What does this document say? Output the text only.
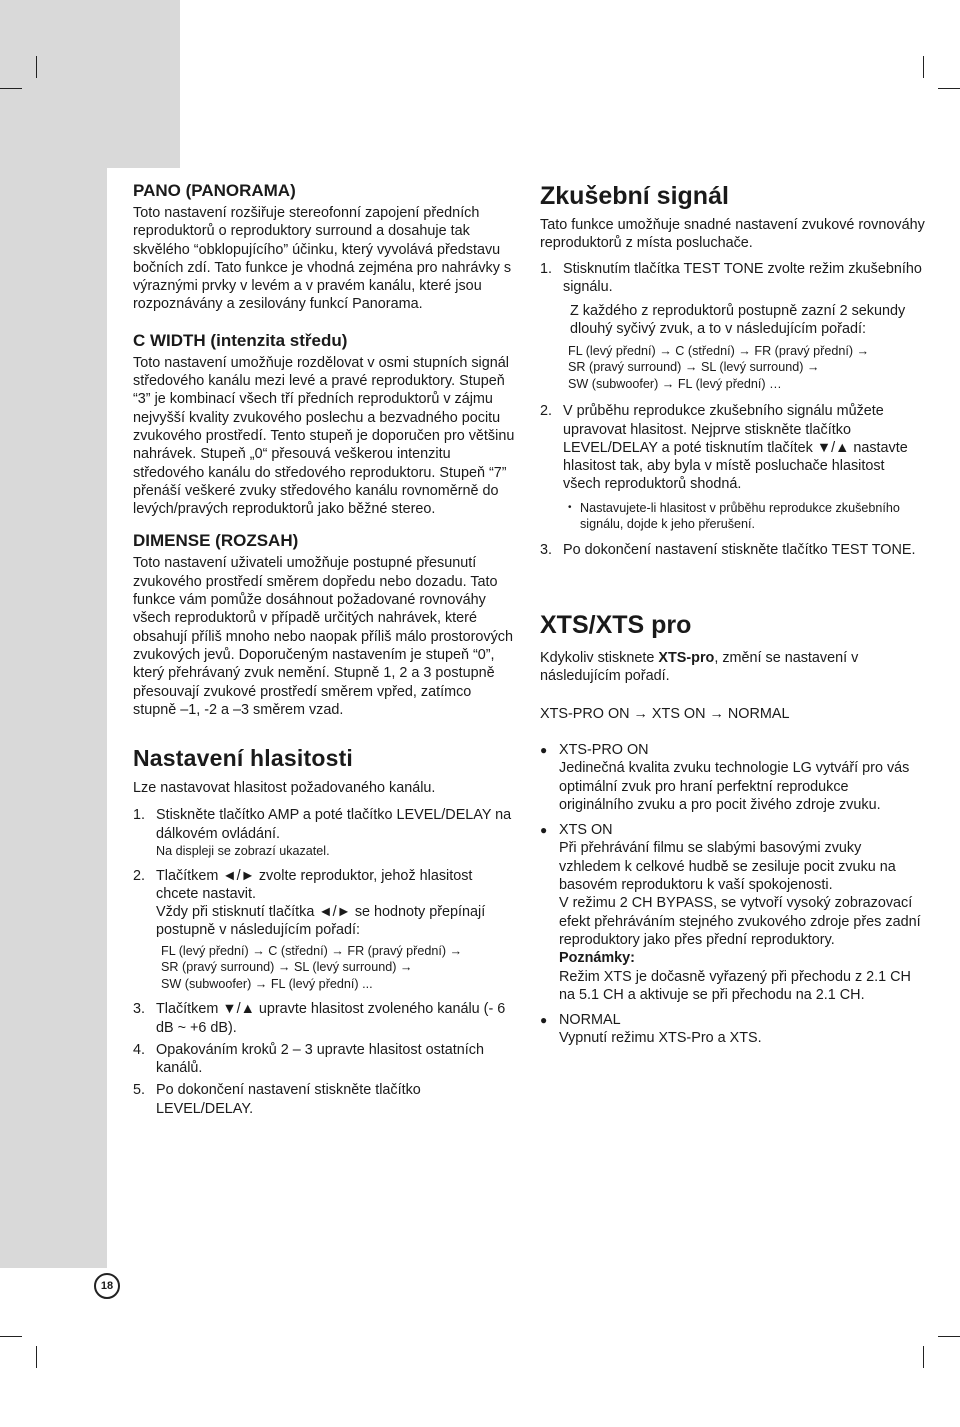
PANO (PANORAMA)

Toto nastavení rozšiřuje stereofonní zapojení předních reproduktorů o reproduktory surround a dosahuje tak skvělého “obklopujícího” účinku, který vyvolává představu bočních zdí. Tato funkce je vhodná zejména pro nahrávky s výraznými prvky v levém a v pravém kanálu, které jsou rozpoznávány a zesilovány funkcí Panorama.

C WIDTH (intenzita středu)

Toto nastavení umožňuje rozdělovat v osmi stupních signál středového kanálu mezi levé a pravé reproduktory. Stupeň “3” je kombinací všech tří předních reproduktorů v zájmu nejvyšší kvality zvukového poslechu a bezvadného pocitu zvukového prostředí. Tento stupeň je doporučen pro většinu nahrávek. Stupeň „0“ přesouvá veškerou intenzitu středového kanálu do středového reproduktoru. Stupeň “7” přenáší veškeré zvuky středového kanálu rovnoměrně do levých/pravých reproduktorů jako běžné stereo.

DIMENSE (ROZSAH)

Toto nastavení uživateli umožňuje postupné přesunutí zvukového prostředí směrem dopředu nebo dozadu. Tato funkce vám pomůže dosáhnout požadované rovnováhy všech reproduktorů v případě určitých nahrávek, které obsahují příliš mnoho nebo naopak příliš málo prostorových zvukových jevů. Doporučeným nastavením je stupeň “0”, který přehrávaný zvuk nemění. Stupně 1, 2 a 3 postupně přesouvají zvukové prostředí směrem vpřed, zatímco stupně –1, -2 a –3 směrem vzad.

Nastavení hlasitosti

Lze nastavovat hlasitost požadovaného kanálu.

1. Stiskněte tlačítko AMP a poté tlačítko LEVEL/DELAY na dálkovém ovládání.

Na displeji se zobrazí ukazatel.

2. Tlačítkem ◄/► zvolte reproduktor, jehož hlasitost chcete nastavit.

Vždy při stisknutí tlačítka ◄/► se hodnoty přepínají postupně v následujícím pořadí:

FL (levý přední) → C (střední) → FR (pravý přední) →

SR (pravý surround) → SL (levý surround) →

SW (subwoofer) → FL (levý přední) ...

3. Tlačítkem ▼/▲ upravte hlasitost zvoleného kanálu (- 6 dB ~ +6 dB).
4. Opakováním kroků 2 – 3 upravte hlasitost ostatních kanálů.
5. Po dokončení nastavení stiskněte tlačítko LEVEL/DELAY.

Zkušební signál

Tato funkce umožňuje snadné nastavení zvukové rovnováhy reproduktorů z místa posluchače.

1. Stisknutím tlačítka TEST TONE zvolte režim zkušebního signálu.

Z každého z reproduktorů postupně zazní 2 sekundy dlouhý syčivý zvuk, a to v následujícím pořadí:

FL (levý přední) → C (střední) → FR (pravý přední) →

SR (pravý surround) → SL (levý surround) →

SW (subwoofer) → FL (levý přední) …

2. V průběhu reprodukce zkušebního signálu můžete upravovat hlasitost. Nejprve stiskněte tlačítko LEVEL/DELAY a poté tisknutím tlačítek ▼/▲ nastavte hlasitost tak, aby byla v místě posluchače hlasitost všech reproduktorů shodná.
• Nastavujete-li hlasitost v průběhu reprodukce zkušebního signálu, dojde k jeho přerušení.
3. Po dokončení nastavení stiskněte tlačítko TEST TONE.

XTS/XTS pro

Kdykoliv stisknete XTS-pro, změní se nastavení v následujícím pořadí.

XTS-PRO ON → XTS ON → NORMAL

● XTS-PRO ON

Jedinečná kvalita zvuku technologie LG vytváří pro vás optimální zvuk pro hraní perfektní reprodukce originálního zvuku a pro pocit živého zdroje zvuku.

● XTS ON

Při přehrávání filmu se slabými basovými zvuky vzhledem k celkové hudbě se zesiluje pocit zvuku na basovém reproduktoru k vaší spokojenosti.

V režimu 2 CH BYPASS, se vytvoří vysoký zobrazovací efekt přehráváním stejného zvukového zdroje přes zadní reproduktory jako přes přední reproduktory.

Poznámky:

Režim XTS je dočasně vyřazený při přechodu z 2.1 CH na 5.1 CH a aktivuje se při přechodu na 2.1 CH.

● NORMAL

Vypnutí režimu XTS-Pro a XTS.

18
